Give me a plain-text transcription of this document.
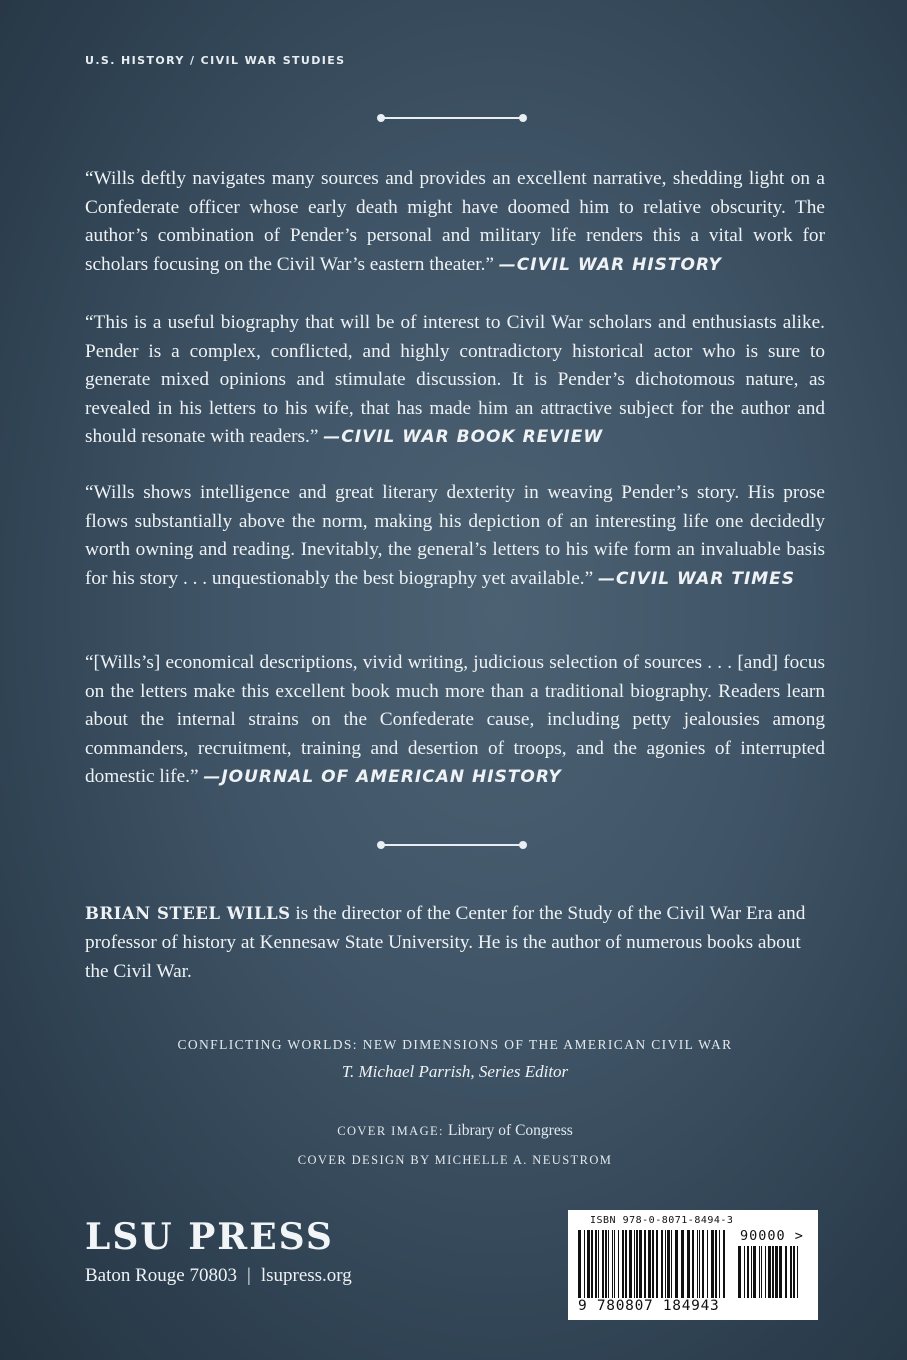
U.S. HISTORY / CIVIL WAR STUDIES
“Wills deftly navigates many sources and provides an excellent narrative, shedding light on a Confederate officer whose early death might have doomed him to relative obscurity. The author’s combination of Pender’s personal and military life renders this a vital work for scholars focusing on the Civil War’s eastern theater.” —CIVIL WAR HISTORY
“This is a useful biography that will be of interest to Civil War scholars and enthusiasts alike. Pender is a complex, conflicted, and highly contradictory historical actor who is sure to generate mixed opinions and stimulate discussion. It is Pender’s dichotomous nature, as revealed in his letters to his wife, that has made him an attractive subject for the author and should resonate with readers.” —CIVIL WAR BOOK REVIEW
“Wills shows intelligence and great literary dexterity in weaving Pender’s story. His prose flows substantially above the norm, making his depiction of an interesting life one decidedly worth owning and reading. Inevitably, the general’s letters to his wife form an invaluable basis for his story . . . unquestionably the best biography yet available.” —CIVIL WAR TIMES
“[Wills’s] economical descriptions, vivid writing, judicious selection of sources . . . [and] focus on the letters make this excellent book much more than a traditional biography. Readers learn about the internal strains on the Confederate cause, including petty jealousies among commanders, recruitment, training and desertion of troops, and the agonies of interrupted domestic life.” —JOURNAL OF AMERICAN HISTORY
BRIAN STEEL WILLS is the director of the Center for the Study of the Civil War Era and professor of history at Kennesaw State University. He is the author of numerous books about the Civil War.
CONFLICTING WORLDS: NEW DIMENSIONS OF THE AMERICAN CIVIL WAR
T. Michael Parrish, Series Editor
COVER IMAGE: Library of Congress
COVER DESIGN BY MICHELLE A. NEUSTROM
LSU PRESS
Baton Rouge 70803 | lsupress.org
ISBN 978-0-8071-8494-3
9 780807 184943
90000 >
